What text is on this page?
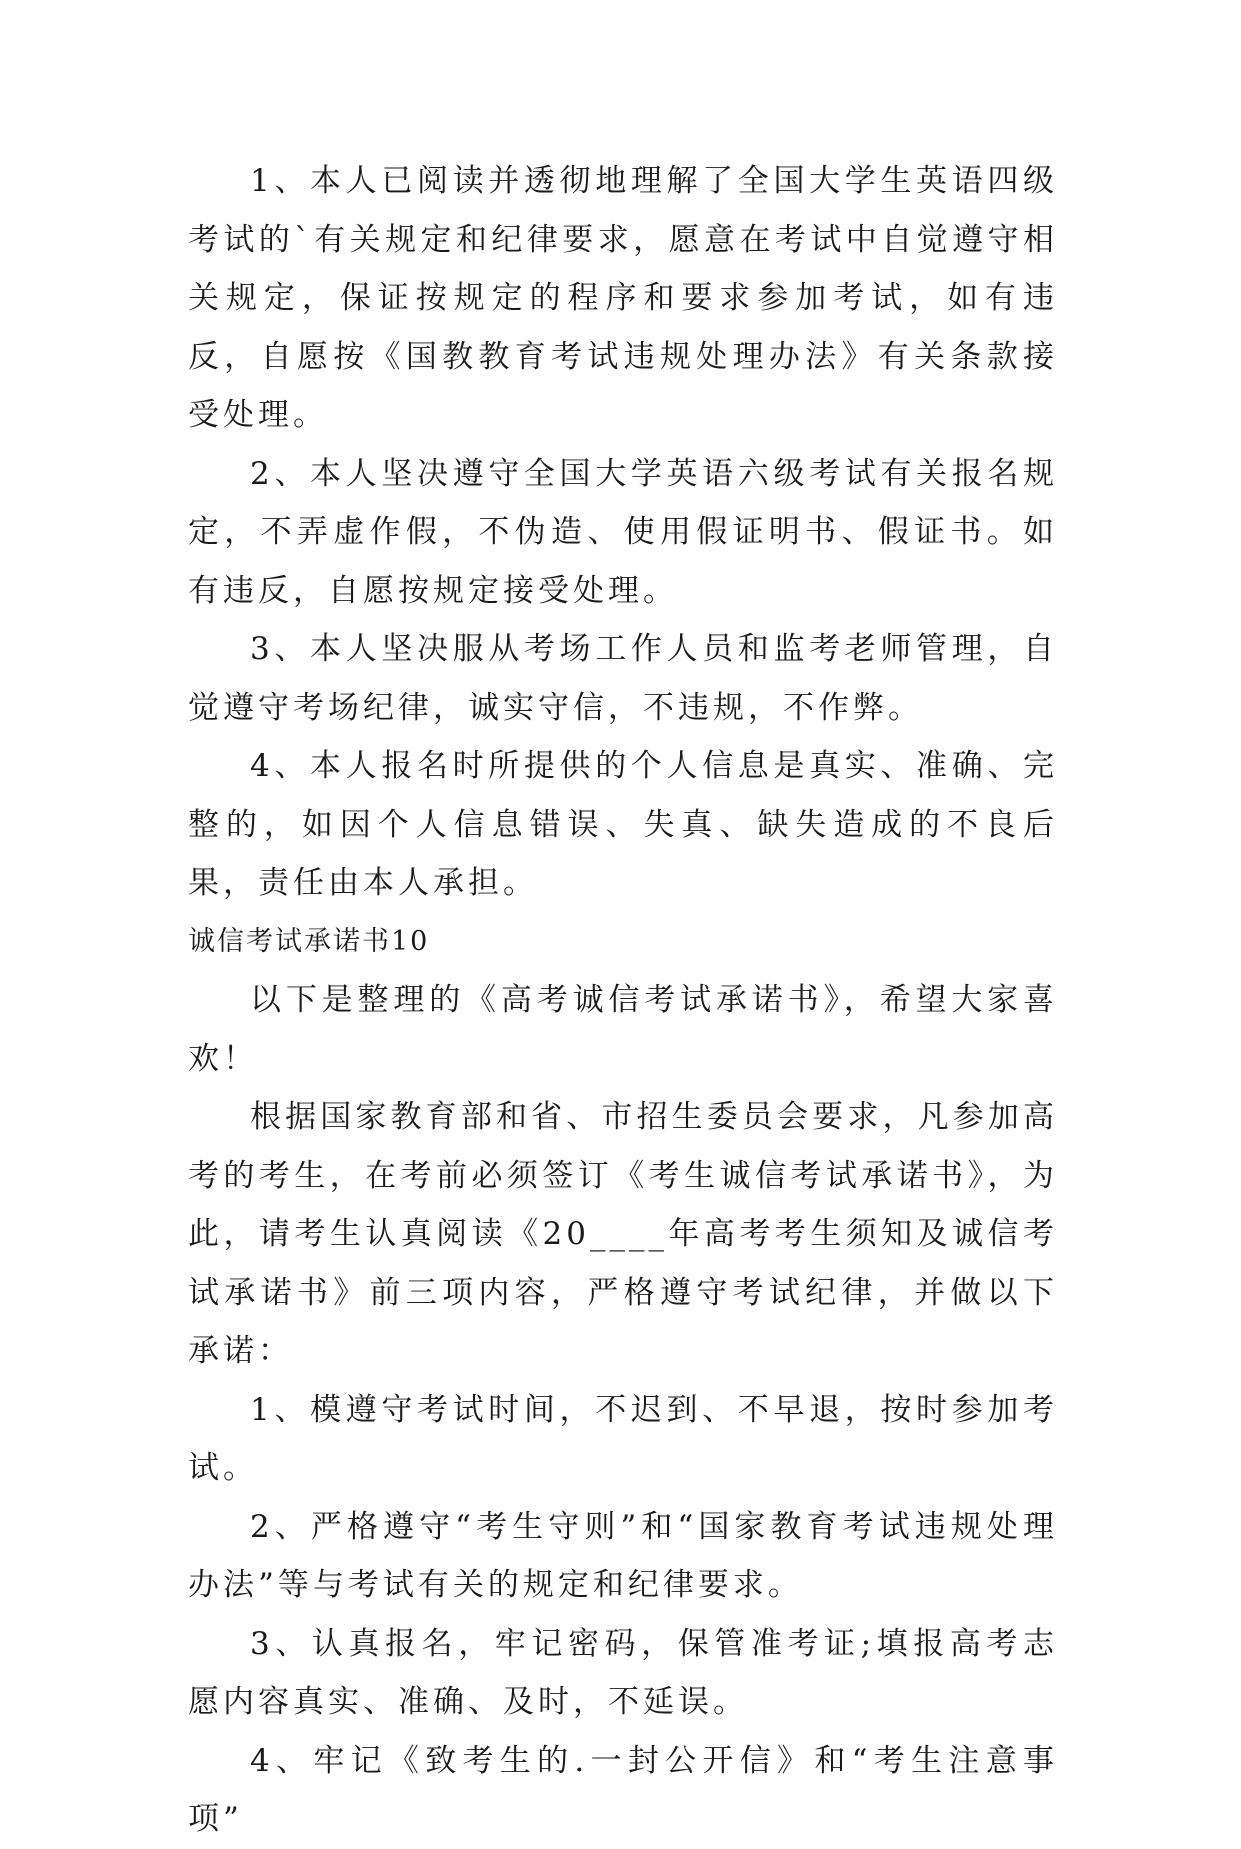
1、本人已阅读并透彻地理解了全国大学生英语四级考试的`有关规定和纪律要求，愿意在考试中自觉遵守相关规定，保证按规定的程序和要求参加考试，如有违反，自愿按《国教教育考试违规处理办法》有关条款接受处理。

2、本人坚决遵守全国大学英语六级考试有关报名规定，不弄虚作假，不伪造、使用假证明书、假证书。如有违反，自愿按规定接受处理。

3、本人坚决服从考场工作人员和监考老师管理，自觉遵守考场纪律，诚实守信，不违规，不作弊。

4、本人报名时所提供的个人信息是真实、准确、完整的，如因个人信息错误、失真、缺失造成的不良后果，责任由本人承担。

诚信考试承诺书10

以下是整理的《高考诚信考试承诺书》，希望大家喜欢！

根据国家教育部和省、市招生委员会要求，凡参加高考的考生，在考前必须签订《考生诚信考试承诺书》，为此，请考生认真阅读《20____年高考考生须知及诚信考试承诺书》前三项内容，严格遵守考试纪律，并做以下承诺：

1、模遵守考试时间，不迟到、不早退，按时参加考试。

2、严格遵守“考生守则”和“国家教育考试违规处理办法”等与考试有关的规定和纪律要求。

3、认真报名，牢记密码，保管准考证;填报高考志愿内容真实、准确、及时，不延误。

4、牢记《致考生的.一封公开信》和“考生注意事项”
